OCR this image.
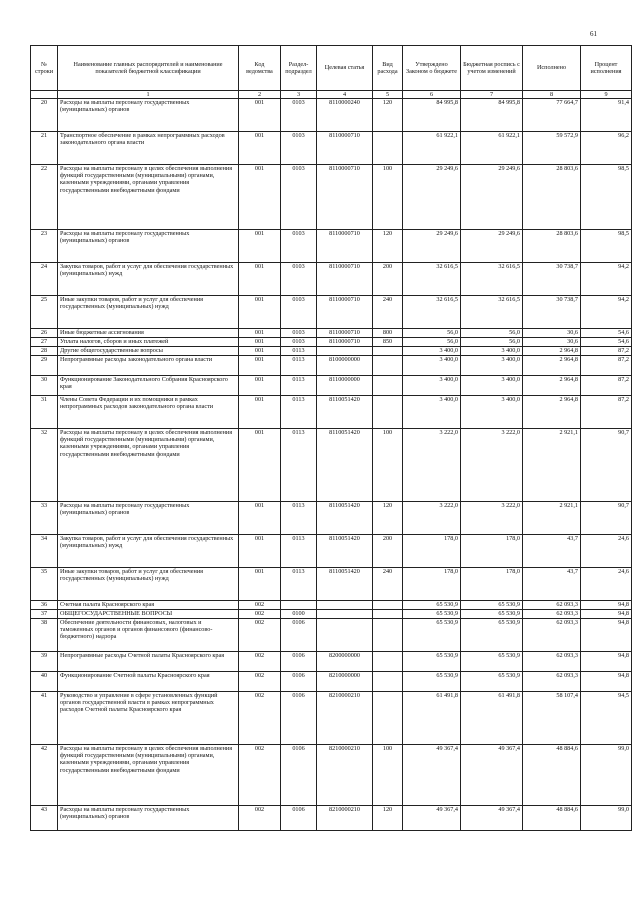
61
№ строки	Наименование главных распорядителей и наименование показателей бюджетной классификации	Код ведомства	Раздел-подраздел	Целевая статья	Вид расхода	Утверждено Законом о бюджете	Бюджетная роспись с учетом изменений	Исполнено	Процент исполнения
	1	2	3	4	5	6	7	8	9
20	Расходы на выплаты персоналу государственных (муниципальных) органов	001	0103	8110000240	120	84 995,8	84 995,8	77 664,7	91,4
21	Транспортное обеспечение в рамках непрограммных расходов законодательного органа власти	001	0103	8110000710		61 922,1	61 922,1	59 572,9	96,2
22	Расходы на выплаты персоналу в целях обеспечения выполнения функций государственными (муниципальными) органами, казенными учреждениями, органами управления государственными внебюджетными фондами	001	0103	8110000710	100	29 249,6	29 249,6	28 803,6	98,5
23	Расходы на выплаты персоналу государственных (муниципальных) органов	001	0103	8110000710	120	29 249,6	29 249,6	28 803,6	98,5
24	Закупка товаров, работ и услуг для обеспечения государственных (муниципальных) нужд	001	0103	8110000710	200	32 616,5	32 616,5	30 738,7	94,2
25	Иные закупки товаров, работ и услуг для обеспечения государственных (муниципальных) нужд	001	0103	8110000710	240	32 616,5	32 616,5	30 738,7	94,2
26	Иные бюджетные ассигнования	001	0103	8110000710	800	56,0	56,0	30,6	54,6
27	Уплата налогов, сборов и иных платежей	001	0103	8110000710	850	56,0	56,0	30,6	54,6
28	Другие общегосударственные вопросы	001	0113			3 400,0	3 400,0	2 964,8	87,2
29	Непрограммные расходы законодательного органа власти	001	0113	8100000000		3 400,0	3 400,0	2 964,8	87,2
30	Функционирование Законодательного Собрания Красноярского края	001	0113	8110000000		3 400,0	3 400,0	2 964,8	87,2
31	Члены Совета Федерации и их помощники в рамках непрограммных расходов законодательного органа власти	001	0113	8110051420		3 400,0	3 400,0	2 964,8	87,2
32	Расходы на выплаты персоналу в целях обеспечения выполнения функций государственными (муниципальными) органами, казенными учреждениями, органами управления государственными внебюджетными фондами	001	0113	8110051420	100	3 222,0	3 222,0	2 921,1	90,7
33	Расходы на выплаты персоналу государственных (муниципальных) органов	001	0113	8110051420	120	3 222,0	3 222,0	2 921,1	90,7
34	Закупка товаров, работ и услуг для обеспечения государственных (муниципальных) нужд	001	0113	8110051420	200	178,0	178,0	43,7	24,6
35	Иные закупки товаров, работ и услуг для обеспечения государственных (муниципальных) нужд	001	0113	8110051420	240	178,0	178,0	43,7	24,6
36	Счетная палата Красноярского края	002				65 530,9	65 530,9	62 093,3	94,8
37	ОБЩЕГОСУДАРСТВЕННЫЕ ВОПРОСЫ	002	0100			65 530,9	65 530,9	62 093,3	94,8
38	Обеспечение деятельности финансовых, налоговых и таможенных органов и органов финансового (финансово-бюджетного) надзора	002	0106			65 530,9	65 530,9	62 093,3	94,8
39	Непрограммные расходы Счетной палаты Красноярского края	002	0106	8200000000		65 530,9	65 530,9	62 093,3	94,8
40	Функционирование Счетной палаты Красноярского края	002	0106	8210000000		65 530,9	65 530,9	62 093,3	94,8
41	Руководство и управление в сфере установленных функций органов государственной власти в рамках непрограммных расходов Счетной палаты Красноярского края	002	0106	8210000210		61 491,8	61 491,8	58 107,4	94,5
42	Расходы на выплаты персоналу в целях обеспечения выполнения функций государственными (муниципальными) органами, казенными учреждениями, органами управления государственными внебюджетными фондами	002	0106	8210000210	100	49 367,4	49 367,4	48 884,6	99,0
43	Расходы на выплаты персоналу государственных (муниципальных) органов	002	0106	8210000210	120	49 367,4	49 367,4	48 884,6	99,0
